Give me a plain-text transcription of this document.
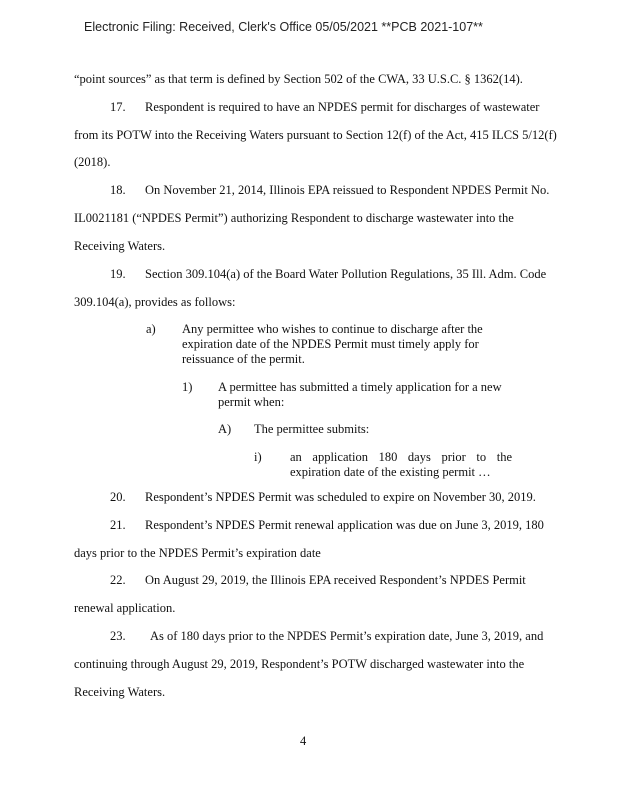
Electronic Filing: Received, Clerk's Office 05/05/2021 **PCB 2021-107**
“point sources” as that term is defined by Section 502 of the CWA, 33 U.S.C. § 1362(14).
17. Respondent is required to have an NPDES permit for discharges of wastewater
from its POTW into the Receiving Waters pursuant to Section 12(f) of the Act, 415 ILCS 5/12(f)
(2018).
18. On November 21, 2014, Illinois EPA reissued to Respondent NPDES Permit No.
IL0021181 (“NPDES Permit”) authorizing Respondent to discharge wastewater into the
Receiving Waters.
19. Section 309.104(a) of the Board Water Pollution Regulations, 35 Ill. Adm. Code
309.104(a), provides as follows:
a) Any permittee who wishes to continue to discharge after the expiration date of the NPDES Permit must timely apply for reissuance of the permit.
1) A permittee has submitted a timely application for a new permit when:
A) The permittee submits:
i) an application 180 days prior to the expiration date of the existing permit …
20. Respondent’s NPDES Permit was scheduled to expire on November 30, 2019.
21. Respondent’s NPDES Permit renewal application was due on June 3, 2019, 180
days prior to the NPDES Permit’s expiration date
22. On August 29, 2019, the Illinois EPA received Respondent’s NPDES Permit
renewal application.
23. As of 180 days prior to the NPDES Permit’s expiration date, June 3, 2019, and
continuing through August 29, 2019, Respondent’s POTW discharged wastewater into the
Receiving Waters.
4
